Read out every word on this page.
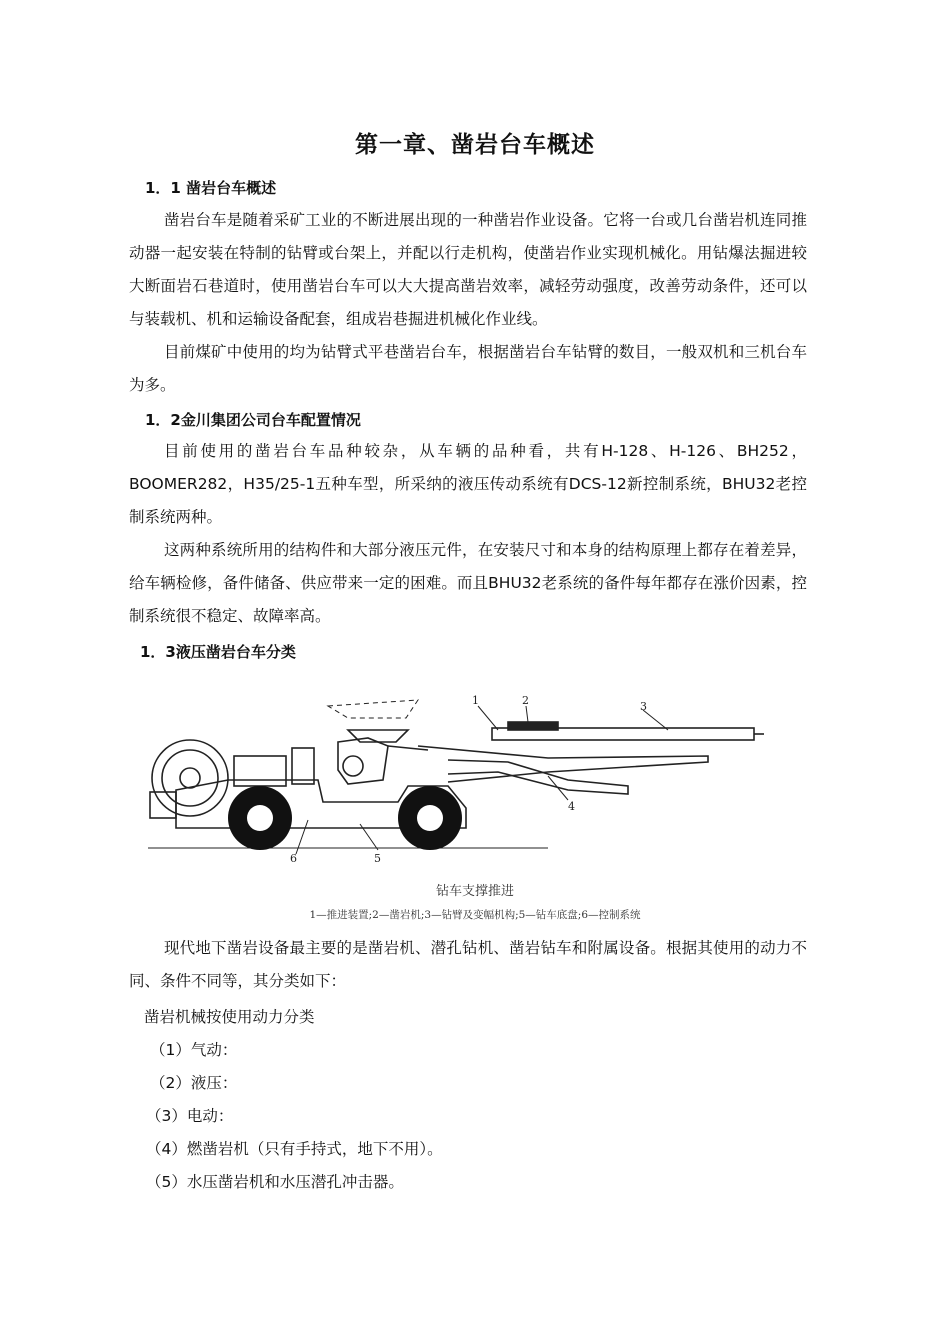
第一章、凿岩台车概述
1．1 凿岩台车概述

凿岩台车是随着采矿工业的不断进展出现的一种凿岩作业设备。它将一台或几台凿岩机连同推动器一起安装在特制的钻臂或台架上，并配以行走机构，使凿岩作业实现机械化。用钻爆法掘进较大断面岩石巷道时，使用凿岩台车可以大大提高凿岩效率，减轻劳动强度，改善劳动条件，还可以与装载机、机和运输设备配套，组成岩巷掘进机械化作业线。

目前煤矿中使用的均为钻臂式平巷凿岩台车，根据凿岩台车钻臂的数目，一般双机和三机台车为多。

1．2金川集团公司台车配置情况

目前使用的凿岩台车品种较杂，从车辆的品种看，共有H-128、H-126、BH252，BOOMER282，H35/25-1五种车型，所采纳的液压传动系统有DCS-12新控制系统，BHU32老控制系统两种。

这两种系统所用的结构件和大部分液压元件，在安装尺寸和本身的结构原理上都存在着差异，给车辆检修，备件储备、供应带来一定的困难。而且BHU32老系统的备件每年都存在涨价因素，控制系统很不稳定、故障率高。

1．3液压凿岩台车分类
1	2	3
4
5
6
钻车支撑推进
1—推进装置;2—凿岩机;3—钻臂及变幅机构;5—钻车底盘;6—控制系统

现代地下凿岩设备最主要的是凿岩机、潜孔钻机、凿岩钻车和附属设备。根据其使用的动力不同、条件不同等，其分类如下：

凿岩机械按使用动力分类
（1）气动：
（2）液压：
（3）电动：
（4）燃凿岩机（只有手持式，地下不用）。
（5）水压凿岩机和水压潜孔冲击器。
